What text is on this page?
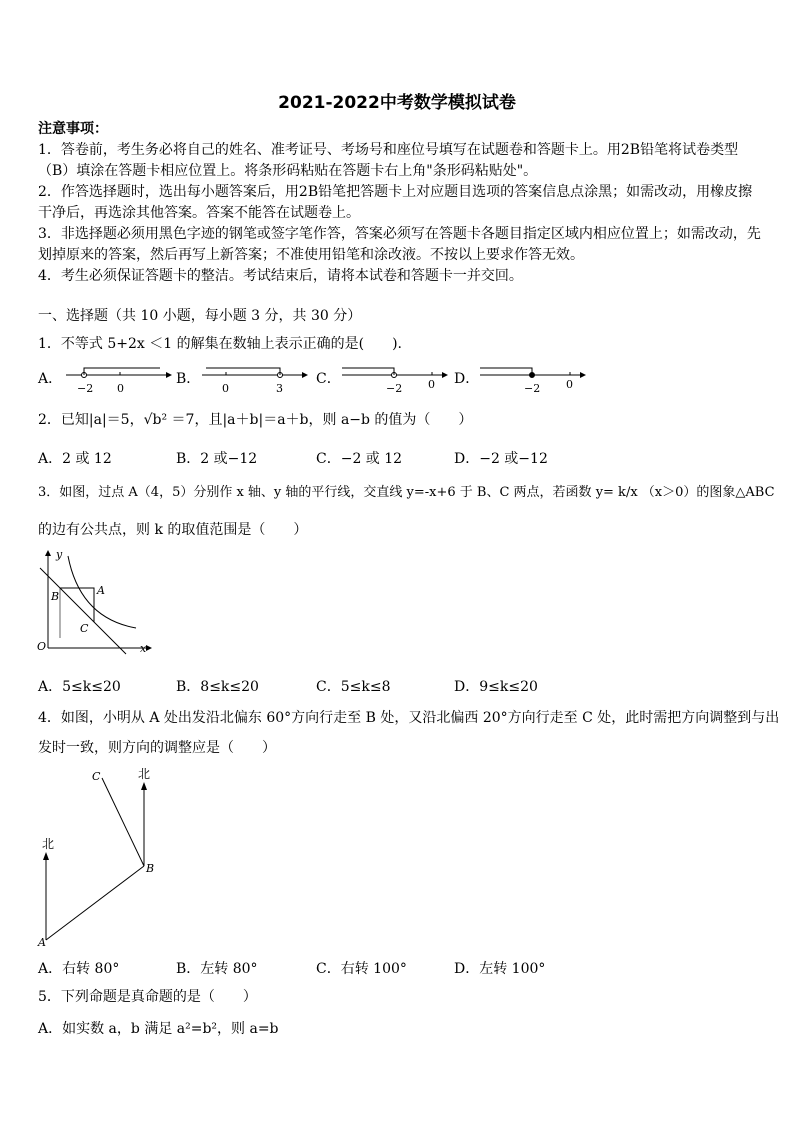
2021-2022中考数学模拟试卷
注意事项：
1．答卷前，考生务必将自己的姓名、准考证号、考场号和座位号填写在试题卷和答题卡上。用2B铅笔将试卷类型
（B）填涂在答题卡相应位置上。将条形码粘贴在答题卡右上角"条形码粘贴处"。
2．作答选择题时，选出每小题答案后，用2B铅笔把答题卡上对应题目选项的答案信息点涂黑；如需改动，用橡皮擦
干净后，再选涂其他答案。答案不能答在试题卷上。
3．非选择题必须用黑色字迹的钢笔或签字笔作答，答案必须写在答题卡各题目指定区域内相应位置上；如需改动，先
划掉原来的答案，然后再写上新答案；不准使用铅笔和涂改液。不按以上要求作答无效。
4．考生必须保证答题卡的整洁。考试结束后，请将本试卷和答题卡一并交回。
一、选择题（共 10 小题，每小题 3 分，共 30 分）
1．不等式 5+2x ＜1 的解集在数轴上表示正确的是(　　).
A．
−2 0
B．
0	3
C．
−2 0 D．
−2 0
2．已知|a|＝5，√b² ＝7，且|a＋b|＝a＋b，则 a−b 的值为（　　）
A．2 或 12	B．2 或−12	C．−2 或 12	D．−2 或−12
3．如图，过点 A（4，5）分别作 x 轴、y 轴的平行线，交直线 y=-x+6 于 B、C 两点，若函数 y= k/x （x＞0）的图象△ABC
的边有公共点，则 k 的取值范围是（　　）
y
x
O
A
B
C
A．5≤k≤20	B．8≤k≤20	C．5≤k≤8	D．9≤k≤20
4．如图，小明从 A 处出发沿北偏东 60°方向行走至 B 处，又沿北偏西 20°方向行走至 C 处，此时需把方向调整到与出
发时一致，则方向的调整应是（　　）
北
北
A
B
C
A．右转 80°	B．左转 80°	C．右转 100°	D．左转 100°
5．下列命题是真命题的是（　　）
A．如实数 a，b 满足 a²=b²，则 a=b
